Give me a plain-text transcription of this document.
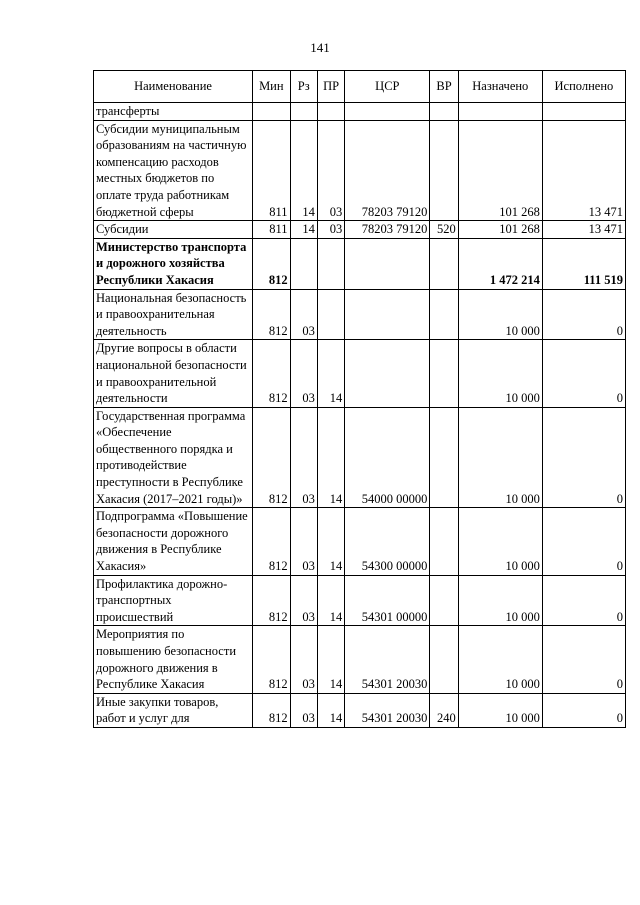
141
Наименование	Мин	Рз	ПР	ЦСР	ВР	Назначено	Исполнено
трансферты							
Субсидии муниципальным образованиям на частичную компенсацию расходов местных бюджетов по оплате труда работникам бюджетной сферы	811	14	03	78203 79120		101 268	13 471
Субсидии	811	14	03	78203 79120	520	101 268	13 471
Министерство транспорта и дорожного хозяйства Республики Хакасия	812					1 472 214	111 519
Национальная безопасность и правоохранительная деятельность	812	03				10 000	0
Другие вопросы в области национальной безопасности и правоохранительной деятельности	812	03	14			10 000	0
Государственная программа «Обеспечение общественного порядка и противодействие преступности в Республике Хакасия (2017–2021 годы)»	812	03	14	54000 00000		10 000	0
Подпрограмма «Повышение безопасности дорожного движения в Республике Хакасия»	812	03	14	54300 00000		10 000	0
Профилактика дорожно-транспортных происшествий	812	03	14	54301 00000		10 000	0
Мероприятия по повышению безопасности дорожного движения в Республике Хакасия	812	03	14	54301 20030		10 000	0
Иные закупки товаров, работ и услуг для	812	03	14	54301 20030	240	10 000	0
